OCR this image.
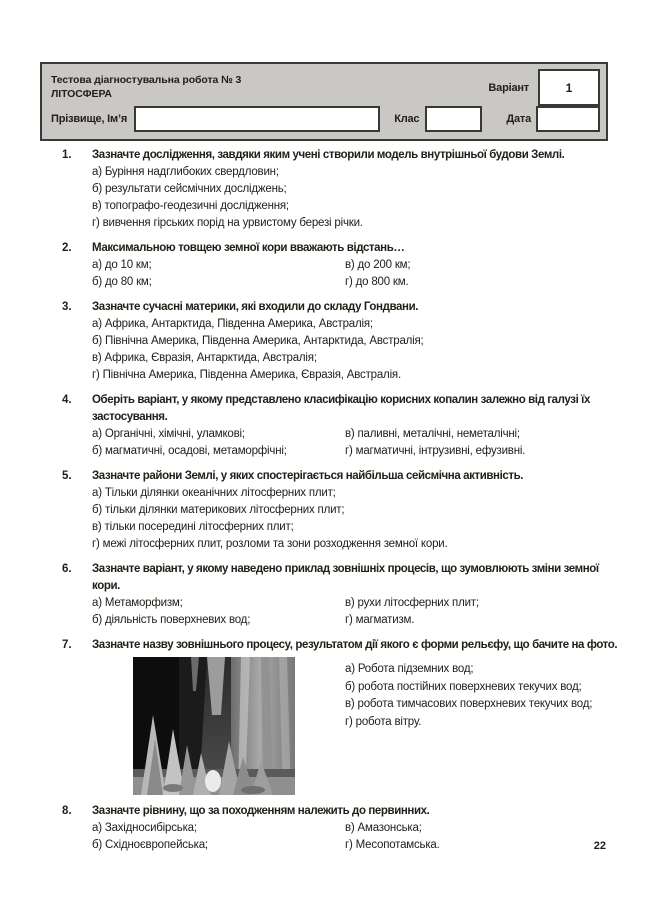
Тестова діагностувальна робота № 3
ЛІТОСФЕРА
Варіант
1
Прізвище, Ім’я	Клас	Дата
1.	Зазначте дослідження, завдяки яким учені створили модель внутрішньої будови Землі.
а) Буріння надглибоких свердловин;
б) результати сейсмічних досліджень;
в) топографо-геодезичні дослідження;
г) вивчення гірських порід на урвистому березі річки.
2.	Максимальною товщею земної кори вважають відстань…
а) до 10 км;	в) до 200 км;
б) до 80 км;	г) до 800 км.
3.	Зазначте сучасні материки, які входили до складу Гондвани.
а) Африка, Антарктида, Південна Америка, Австралія;
б) Північна Америка, Південна Америка, Антарктида, Австралія;
в) Африка, Євразія, Антарктида, Австралія;
г) Північна Америка, Південна Америка, Євразія, Австралія.
4.	Оберіть варіант, у якому представлено класифікацію корисних копалин залежно від галузі їх застосування.
а) Органічні, хімічні, уламкові;	в) паливні, металічні, неметалічні;
б) магматичні, осадові, метаморфічні;	г) магматичні, інтрузивні, ефузивні.
5.	Зазначте райони Землі, у яких спостерігається найбільша сейсмічна активність.
а) Тільки ділянки океанічних літосферних плит;
б) тільки ділянки материкових літосферних плит;
в) тільки посередині літосферних плит;
г) межі літосферних плит, розломи та зони розходження земної кори.
6.	Зазначте варіант, у якому наведено приклад зовнішніх процесів, що зумовлюють зміни земної кори.
а) Метаморфизм;	в) рухи літосферних плит;
б) діяльність поверхневих вод;	г) магматизм.
7.	Зазначте назву зовнішнього процесу, результатом дії якого є форми рельєфу, що бачите на фото.
а) Робота підземних вод;
б) робота постійних поверхневих текучих вод;
в) робота тимчасових поверхневих текучих вод;
г) робота вітру.
8.	Зазначте рівнину, що за походженням належить до первинних.
а) Західносибірська;	в) Амазонська;
б) Східноєвропейська;	г) Месопотамська.	22
